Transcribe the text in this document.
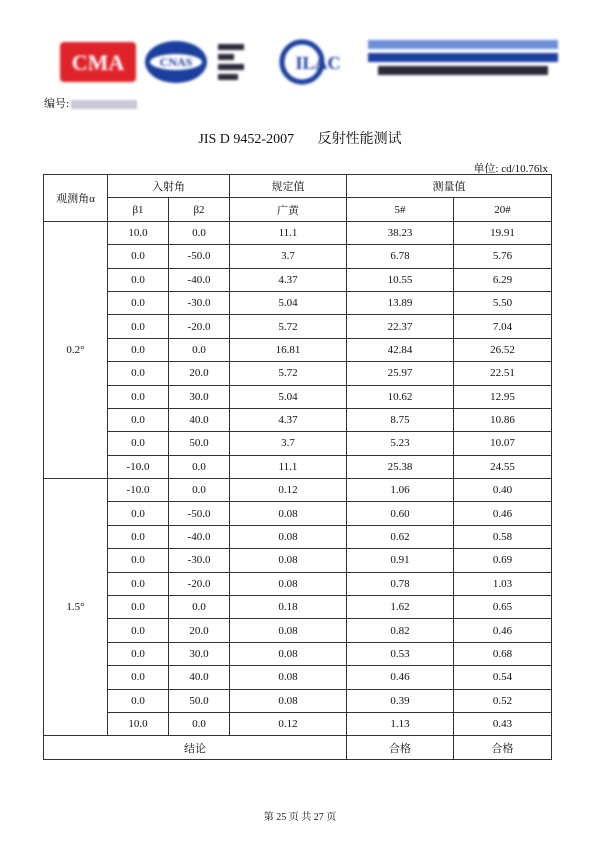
CMA	CNAS	ILAC
编号:
JIS D 9452-2007 反射性能测试
单位: cd/10.76lx
观测角α	入射角		规定值	测量值	
	β1	β2	广黄	5#	20#
0.2°	10.0	0.0	11.1	38.23	19.91
	0.0	-50.0	3.7	6.78	5.76
	0.0	-40.0	4.37	10.55	6.29
	0.0	-30.0	5.04	13.89	5.50
	0.0	-20.0	5.72	22.37	7.04
	0.0	0.0	16.81	42.84	26.52
	0.0	20.0	5.72	25.97	22.51
	0.0	30.0	5.04	10.62	12.95
	0.0	40.0	4.37	8.75	10.86
	0.0	50.0	3.7	5.23	10.07
	-10.0	0.0	11.1	25.38	24.55
1.5°	-10.0	0.0	0.12	1.06	0.40
	0.0	-50.0	0.08	0.60	0.46
	0.0	-40.0	0.08	0.62	0.58
	0.0	-30.0	0.08	0.91	0.69
	0.0	-20.0	0.08	0.78	1.03
	0.0	0.0	0.18	1.62	0.65
	0.0	20.0	0.08	0.82	0.46
	0.0	30.0	0.08	0.53	0.68
	0.0	40.0	0.08	0.46	0.54
	0.0	50.0	0.08	0.39	0.52
	10.0	0.0	0.12	1.13	0.43
结论				合格	合格
第 25 页 共 27 页
